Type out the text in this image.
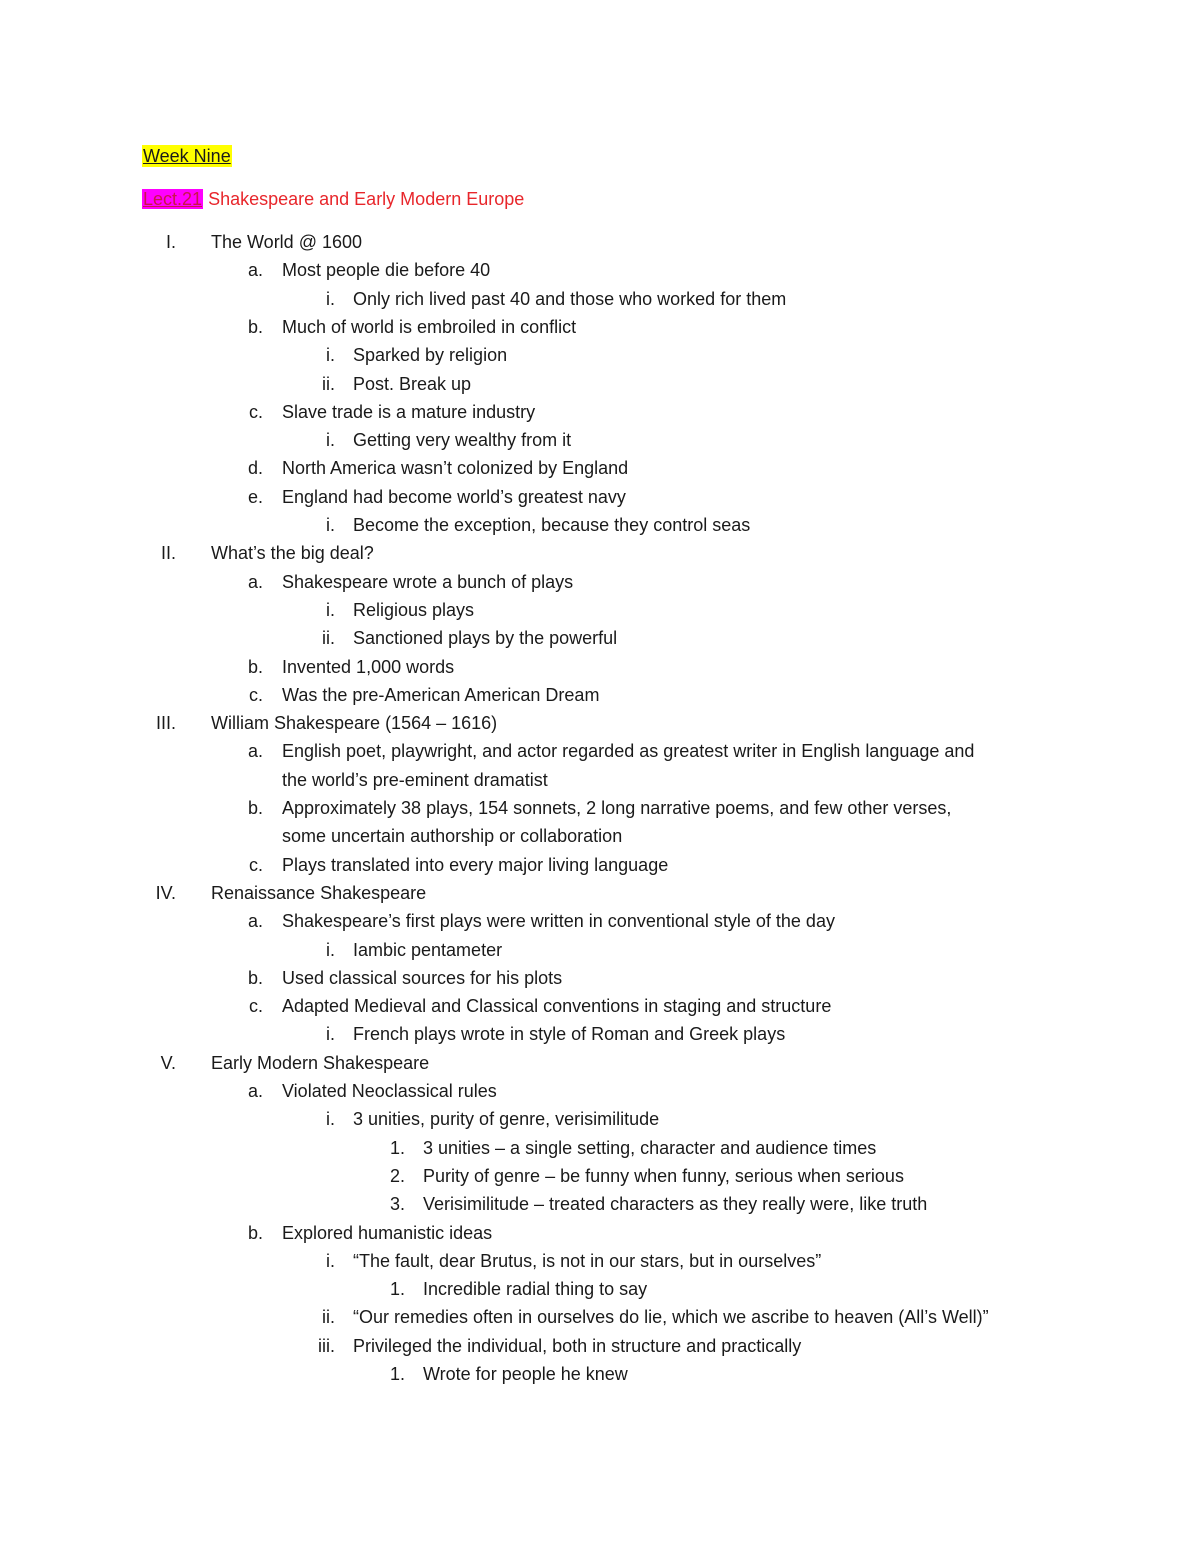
Week Nine
Lect.21 Shakespeare and Early Modern Europe
I. The World @ 1600
a. Most people die before 40
i. Only rich lived past 40 and those who worked for them
b. Much of world is embroiled in conflict
i. Sparked by religion
ii. Post. Break up
c. Slave trade is a mature industry
i. Getting very wealthy from it
d. North America wasn’t colonized by England
e. England had become world’s greatest navy
i. Become the exception, because they control seas
II. What’s the big deal?
a. Shakespeare wrote a bunch of plays
i. Religious plays
ii. Sanctioned plays by the powerful
b. Invented 1,000 words
c. Was the pre-American American Dream
III. William Shakespeare (1564 – 1616)
a. English poet, playwright, and actor regarded as greatest writer in English language and
the world’s pre-eminent dramatist
b. Approximately 38 plays, 154 sonnets, 2 long narrative poems, and few other verses,
some uncertain authorship or collaboration
c. Plays translated into every major living language
IV. Renaissance Shakespeare
a. Shakespeare’s first plays were written in conventional style of the day
i. Iambic pentameter
b. Used classical sources for his plots
c. Adapted Medieval and Classical conventions in staging and structure
i. French plays wrote in style of Roman and Greek plays
V. Early Modern Shakespeare
a. Violated Neoclassical rules
i. 3 unities, purity of genre, verisimilitude
1. 3 unities – a single setting, character and audience times
2. Purity of genre – be funny when funny, serious when serious
3. Verisimilitude – treated characters as they really were, like truth
b. Explored humanistic ideas
i. “The fault, dear Brutus, is not in our stars, but in ourselves”
1. Incredible radial thing to say
ii. “Our remedies often in ourselves do lie, which we ascribe to heaven (All’s Well)”
iii. Privileged the individual, both in structure and practically
1. Wrote for people he knew
